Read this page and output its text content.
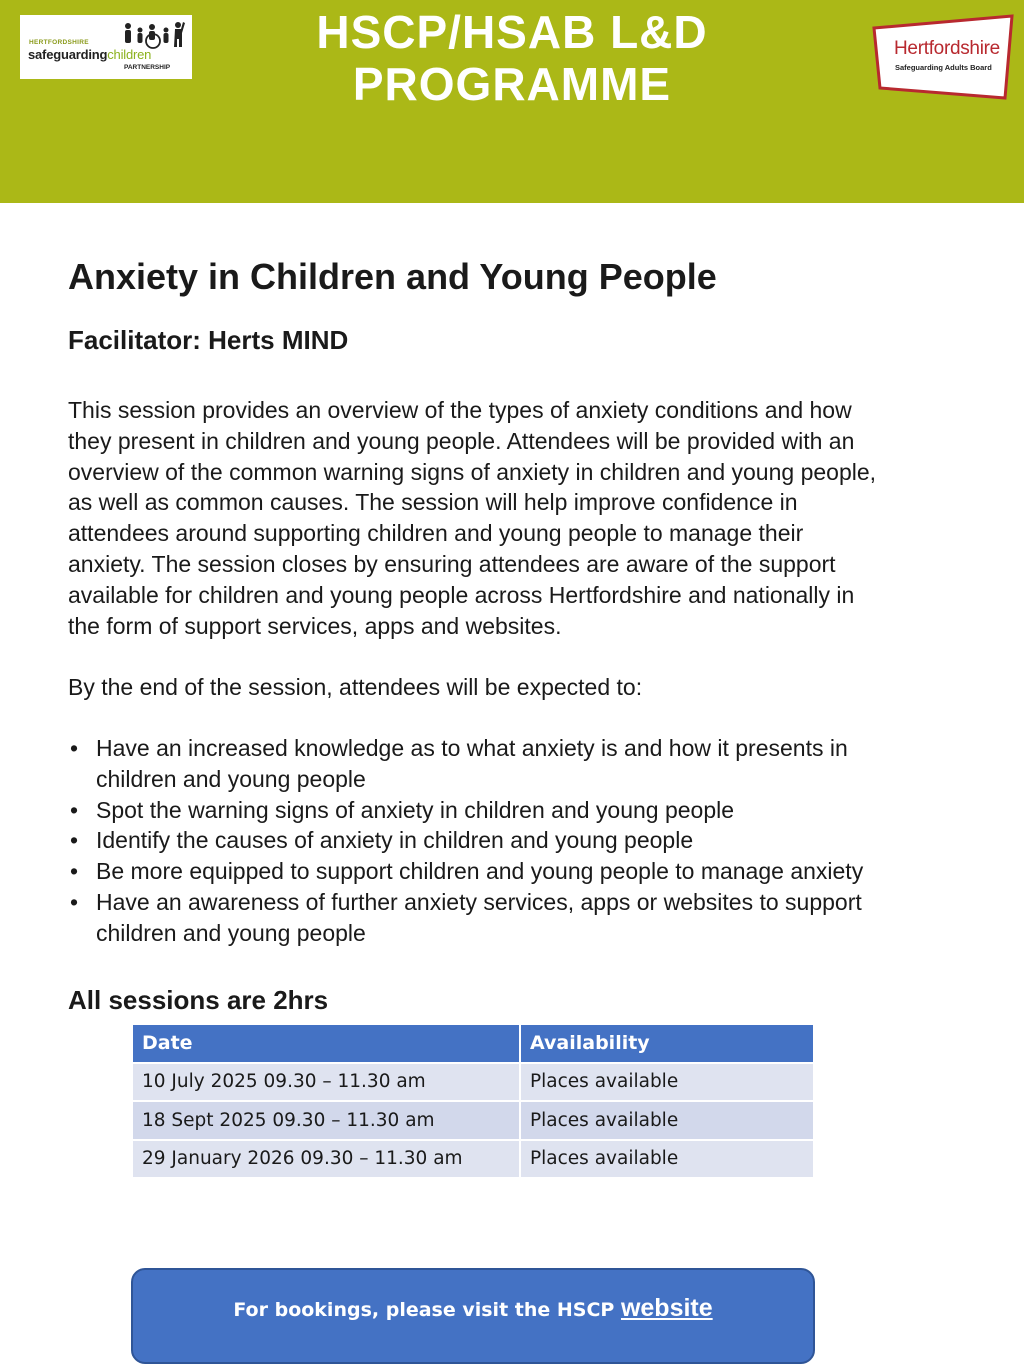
HSCP/HSAB L&D
PROGRAMME
HERTFORDSHIRE
safeguardingchildren
PARTNERSHIP
Hertfordshire
Safeguarding Adults Board
Anxiety in Children and Young People
Facilitator: Herts MIND
This session provides an overview of the types of anxiety conditions and how
they present in children and young people. Attendees will be provided with an
overview of the common warning signs of anxiety in children and young people,
as well as common causes. The session will help improve confidence in
attendees around supporting children and young people to manage their
anxiety. The session closes by ensuring attendees are aware of the support
available for children and young people across Hertfordshire and nationally in
the form of support services, apps and websites.

By the end of the session, attendees will be expected to:

• Have an increased knowledge as to what anxiety is and how it presents in
children and young people
• Spot the warning signs of anxiety in children and young people
• Identify the causes of anxiety in children and young people
• Be more equipped to support children and young people to manage anxiety
• Have an awareness of further anxiety services, apps or websites to support
children and young people
All sessions are 2hrs
Date	Availability
10 July 2025 09.30 – 11.30 am	Places available
18 Sept 2025 09.30 – 11.30 am	Places available
29 January 2026 09.30 – 11.30 am	Places available
For bookings, please visit the HSCP website
